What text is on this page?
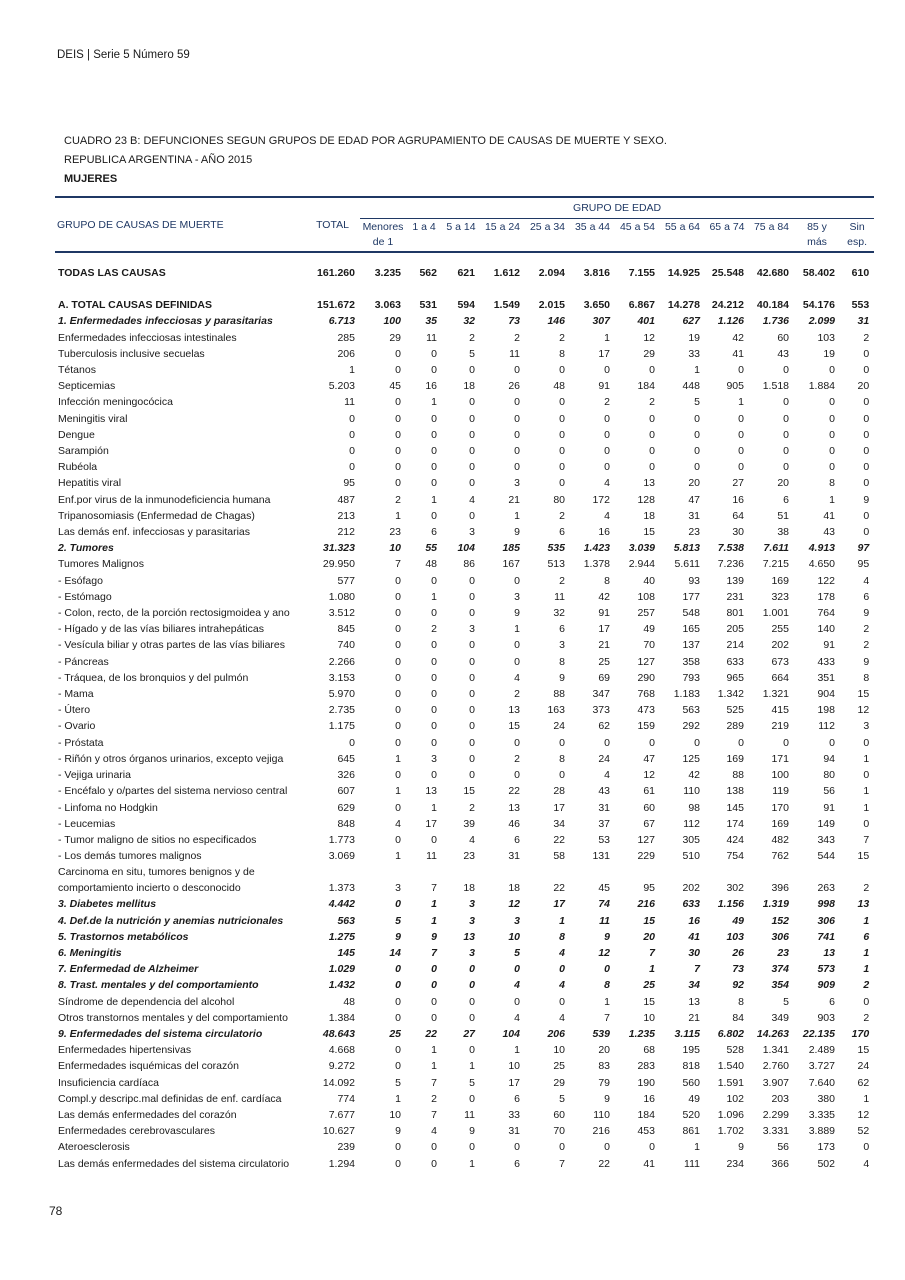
DEIS | Serie 5 Número 59
CUADRO 23 B: DEFUNCIONES SEGUN GRUPOS DE EDAD POR AGRUPAMIENTO DE CAUSAS DE MUERTE Y SEXO.
REPUBLICA ARGENTINA - AÑO 2015
MUJERES
GRUPO DE CAUSAS DE MUERTE	TOTAL	GRUPO DE EDAD											
		Menores	1 a 4	5 a 14	15 a 24	25 a 34	35 a 44	45 a 54	55 a 64	65 a 74	75 a 84	85 y	Sin
		de 1										más	esp.

TODAS LAS CAUSAS	161.260	3.235	562	621	1.612	2.094	3.816	7.155	14.925	25.548	42.680	58.402	610

A. TOTAL CAUSAS DEFINIDAS	151.672	3.063	531	594	1.549	2.015	3.650	6.867	14.278	24.212	40.184	54.176	553
1. Enfermedades infecciosas y parasitarias	6.713	100	35	32	73	146	307	401	627	1.126	1.736	2.099	31
Enfermedades infecciosas intestinales	285	29	11	2	2	2	1	12	19	42	60	103	2
Tuberculosis inclusive secuelas	206	0	0	5	11	8	17	29	33	41	43	19	0
Tétanos	1	0	0	0	0	0	0	0	1	0	0	0	0
Septicemias	5.203	45	16	18	26	48	91	184	448	905	1.518	1.884	20
Infección meningocócica	11	0	1	0	0	0	2	2	5	1	0	0	0
Meningitis viral	0	0	0	0	0	0	0	0	0	0	0	0	0
Dengue	0	0	0	0	0	0	0	0	0	0	0	0	0
Sarampión	0	0	0	0	0	0	0	0	0	0	0	0	0
Rubéola	0	0	0	0	0	0	0	0	0	0	0	0	0
Hepatitis viral	95	0	0	0	3	0	4	13	20	27	20	8	0
Enf.por virus de la inmunodeficiencia humana	487	2	1	4	21	80	172	128	47	16	6	1	9
Tripanosomiasis (Enfermedad de Chagas)	213	1	0	0	1	2	4	18	31	64	51	41	0
Las demás enf. infecciosas y parasitarias	212	23	6	3	9	6	16	15	23	30	38	43	0
2. Tumores	31.323	10	55	104	185	535	1.423	3.039	5.813	7.538	7.611	4.913	97
Tumores Malignos	29.950	7	48	86	167	513	1.378	2.944	5.611	7.236	7.215	4.650	95
- Esófago	577	0	0	0	0	2	8	40	93	139	169	122	4
- Estómago	1.080	0	1	0	3	11	42	108	177	231	323	178	6
- Colon, recto, de la porción rectosigmoidea y ano	3.512	0	0	0	9	32	91	257	548	801	1.001	764	9
- Hígado y de las vías biliares intrahepáticas	845	0	2	3	1	6	17	49	165	205	255	140	2
- Vesícula biliar y otras partes de las vías biliares	740	0	0	0	0	3	21	70	137	214	202	91	2
- Páncreas	2.266	0	0	0	0	8	25	127	358	633	673	433	9
- Tráquea, de los bronquios y del pulmón	3.153	0	0	0	4	9	69	290	793	965	664	351	8
- Mama	5.970	0	0	0	2	88	347	768	1.183	1.342	1.321	904	15
- Útero	2.735	0	0	0	13	163	373	473	563	525	415	198	12
- Ovario	1.175	0	0	0	15	24	62	159	292	289	219	112	3
- Próstata	0	0	0	0	0	0	0	0	0	0	0	0	0
- Riñón y otros órganos urinarios, excepto vejiga	645	1	3	0	2	8	24	47	125	169	171	94	1
- Vejiga urinaria	326	0	0	0	0	0	4	12	42	88	100	80	0
- Encéfalo y o/partes del sistema nervioso central	607	1	13	15	22	28	43	61	110	138	119	56	1
- Linfoma no Hodgkin	629	0	1	2	13	17	31	60	98	145	170	91	1
- Leucemias	848	4	17	39	46	34	37	67	112	174	169	149	0
- Tumor maligno de sitios no especificados	1.773	0	0	4	6	22	53	127	305	424	482	343	7
- Los demás tumores malignos	3.069	1	11	23	31	58	131	229	510	754	762	544	15

Carcinoma en situ, tumores benignos y de
comportamiento incierto o desconocido	1.373	3	7	18	18	22	45	95	202	302	396	263	2
3. Diabetes mellitus	4.442	0	1	3	12	17	74	216	633	1.156	1.319	998	13
4. Def.de la nutrición y anemias nutricionales	563	5	1	3	3	1	11	15	16	49	152	306	1
5. Trastornos metabólicos	1.275	9	9	13	10	8	9	20	41	103	306	741	6
6. Meningitis	145	14	7	3	5	4	12	7	30	26	23	13	1
7. Enfermedad de Alzheimer	1.029	0	0	0	0	0	0	1	7	73	374	573	1
8. Trast. mentales y del comportamiento	1.432	0	0	0	4	4	8	25	34	92	354	909	2
Síndrome de dependencia del alcohol	48	0	0	0	0	0	1	15	13	8	5	6	0
Otros transtornos mentales y del comportamiento	1.384	0	0	0	4	4	7	10	21	84	349	903	2
9. Enfermedades del sistema circulatorio	48.643	25	22	27	104	206	539	1.235	3.115	6.802	14.263	22.135	170
Enfermedades hipertensivas	4.668	0	1	0	1	10	20	68	195	528	1.341	2.489	15
Enfermedades isquémicas del corazón	9.272	0	1	1	10	25	83	283	818	1.540	2.760	3.727	24
Insuficiencia cardíaca	14.092	5	7	5	17	29	79	190	560	1.591	3.907	7.640	62
Compl.y descripc.mal definidas de enf. cardíaca	774	1	2	0	6	5	9	16	49	102	203	380	1
Las demás enfermedades del corazón	7.677	10	7	11	33	60	110	184	520	1.096	2.299	3.335	12
Enfermedades cerebrovasculares	10.627	9	4	9	31	70	216	453	861	1.702	3.331	3.889	52
Ateroesclerosis	239	0	0	0	0	0	0	0	1	9	56	173	0
Las demás enfermedades del sistema circulatorio	1.294	0	0	1	6	7	22	41	111	234	366	502	4
78
